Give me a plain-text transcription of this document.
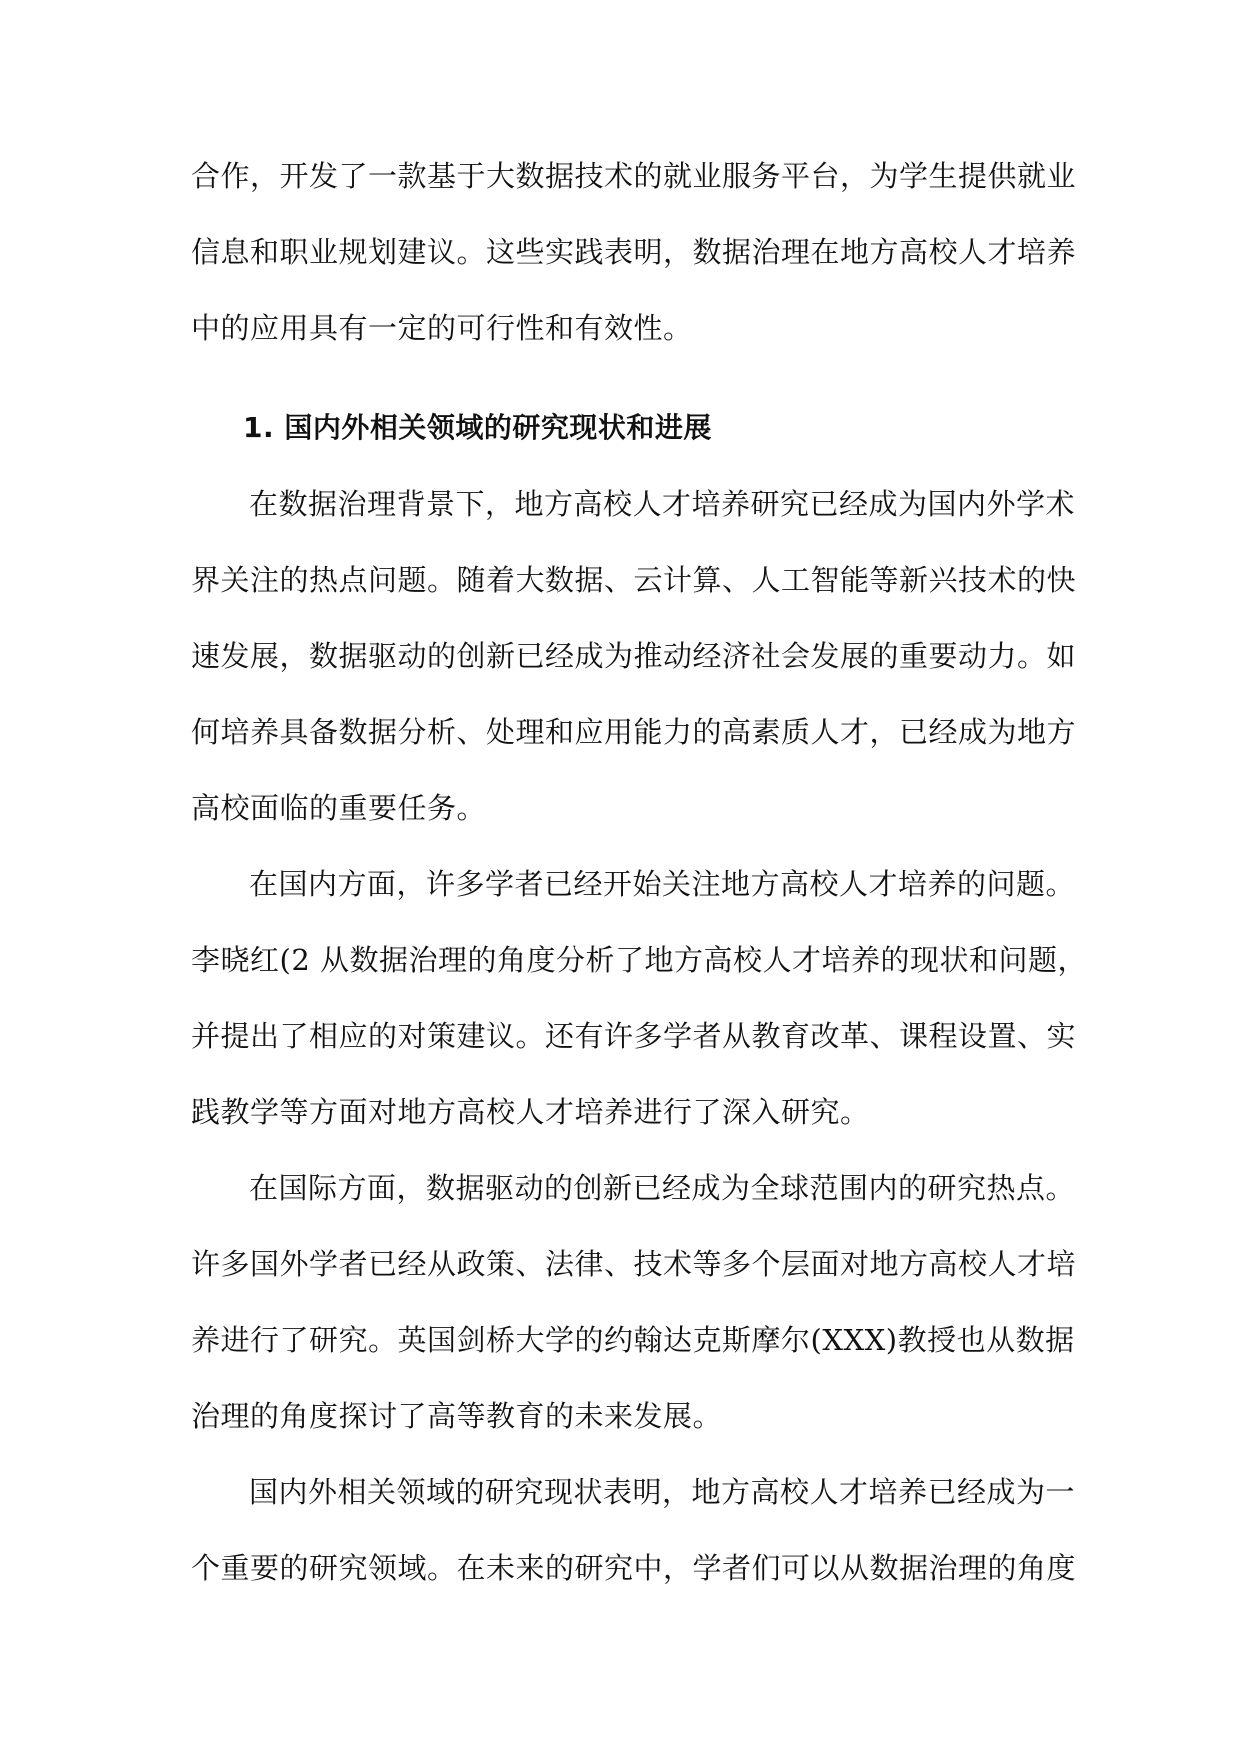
合作，开发了一款基于大数据技术的就业服务平台，为学生提供就业
信息和职业规划建议。这些实践表明，数据治理在地方高校人才培养
中的应用具有一定的可行性和有效性。
1. 国内外相关领域的研究现状和进展
在数据治理背景下，地方高校人才培养研究已经成为国内外学术
界关注的热点问题。随着大数据、云计算、人工智能等新兴技术的快
速发展，数据驱动的创新已经成为推动经济社会发展的重要动力。如
何培养具备数据分析、处理和应用能力的高素质人才，已经成为地方
高校面临的重要任务。
在国内方面，许多学者已经开始关注地方高校人才培养的问题。
李晓红(2 从数据治理的角度分析了地方高校人才培养的现状和问题，
并提出了相应的对策建议。还有许多学者从教育改革、课程设置、实
践教学等方面对地方高校人才培养进行了深入研究。
在国际方面，数据驱动的创新已经成为全球范围内的研究热点。
许多国外学者已经从政策、法律、技术等多个层面对地方高校人才培
养进行了研究。英国剑桥大学的约翰达克斯摩尔(XXX)教授也从数据
治理的角度探讨了高等教育的未来发展。
国内外相关领域的研究现状表明，地方高校人才培养已经成为一
个重要的研究领域。在未来的研究中，学者们可以从数据治理的角度
